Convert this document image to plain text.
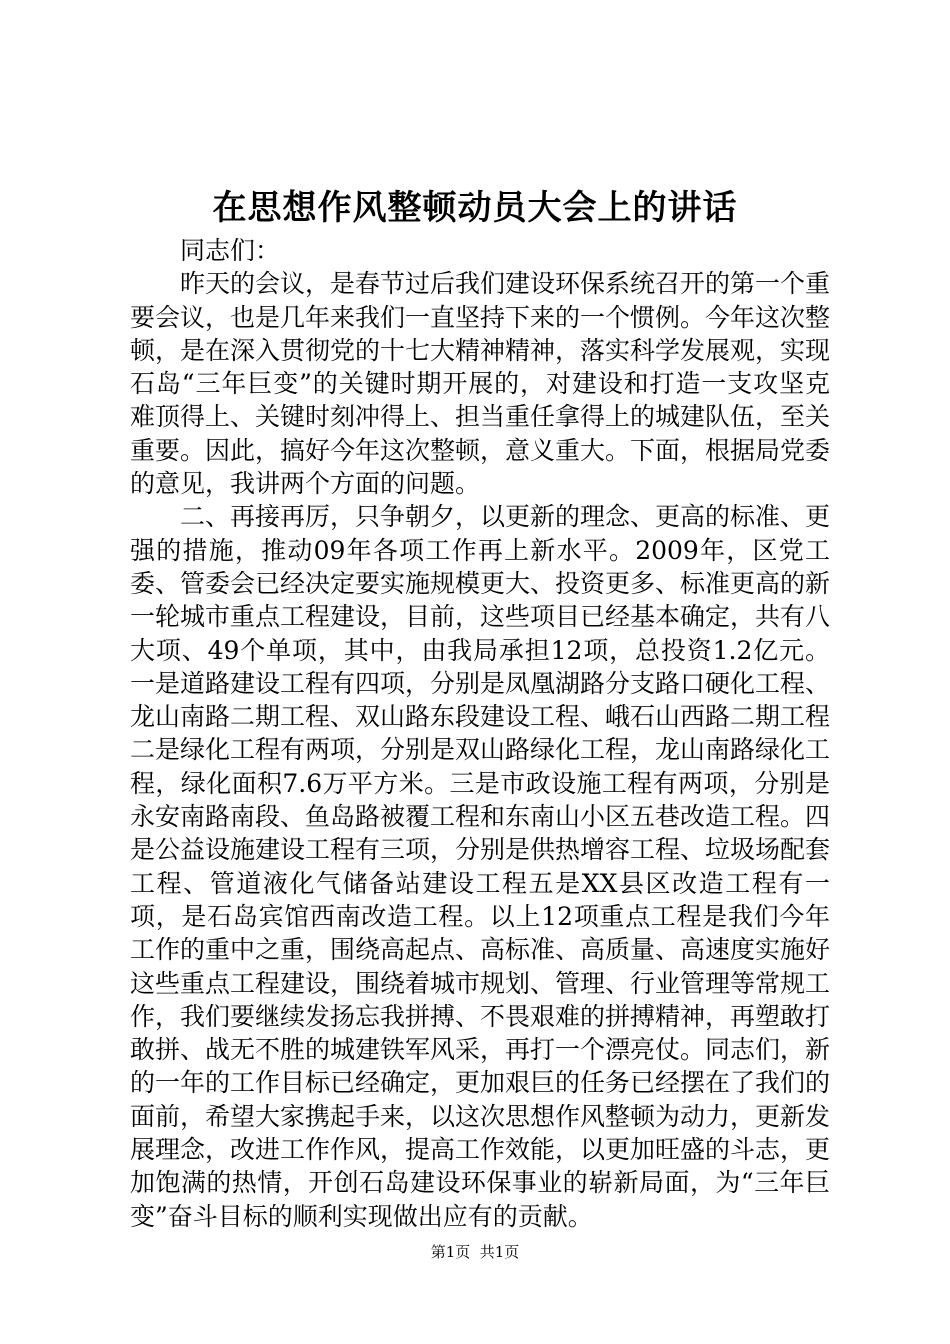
在思想作风整顿动员大会上的讲话

同志们：

昨天的会议，是春节过后我们建设环保系统召开的第一个重要会议，也是几年来我们一直坚持下来的一个惯例。今年这次整顿，是在深入贯彻党的十七大精神精神，落实科学发展观，实现石岛“三年巨变”的关键时期开展的，对建设和打造一支攻坚克难顶得上、关键时刻冲得上、担当重任拿得上的城建队伍，至关重要。因此，搞好今年这次整顿，意义重大。下面，根据局党委的意见，我讲两个方面的问题。

二、再接再厉，只争朝夕，以更新的理念、更高的标准、更强的措施，推动09年各项工作再上新水平。2009年，区党工委、管委会已经决定要实施规模更大、投资更多、标准更高的新一轮城市重点工程建设，目前，这些项目已经基本确定，共有八大项、49个单项，其中，由我局承担12项，总投资1.2亿元。一是道路建设工程有四项，分别是凤凰湖路分支路口硬化工程、龙山南路二期工程、双山路东段建设工程、峨石山西路二期工程二是绿化工程有两项，分别是双山路绿化工程，龙山南路绿化工程，绿化面积7.6万平方米。三是市政设施工程有两项，分别是永安南路南段、鱼岛路被覆工程和东南山小区五巷改造工程。四是公益设施建设工程有三项，分别是供热增容工程、垃圾场配套工程、管道液化气储备站建设工程五是XX县区改造工程有一项，是石岛宾馆西南改造工程。以上12项重点工程是我们今年工作的重中之重，围绕高起点、高标准、高质量、高速度实施好这些重点工程建设，围绕着城市规划、管理、行业管理等常规工作，我们要继续发扬忘我拼搏、不畏艰难的拼搏精神，再塑敢打敢拼、战无不胜的城建铁军风采，再打一个漂亮仗。同志们，新的一年的工作目标已经确定，更加艰巨的任务已经摆在了我们的面前，希望大家携起手来，以这次思想作风整顿为动力，更新发展理念，改进工作作风，提高工作效能，以更加旺盛的斗志，更加饱满的热情，开创石岛建设环保事业的崭新局面，为“三年巨变”奋斗目标的顺利实现做出应有的贡献。

第1页  共1页
